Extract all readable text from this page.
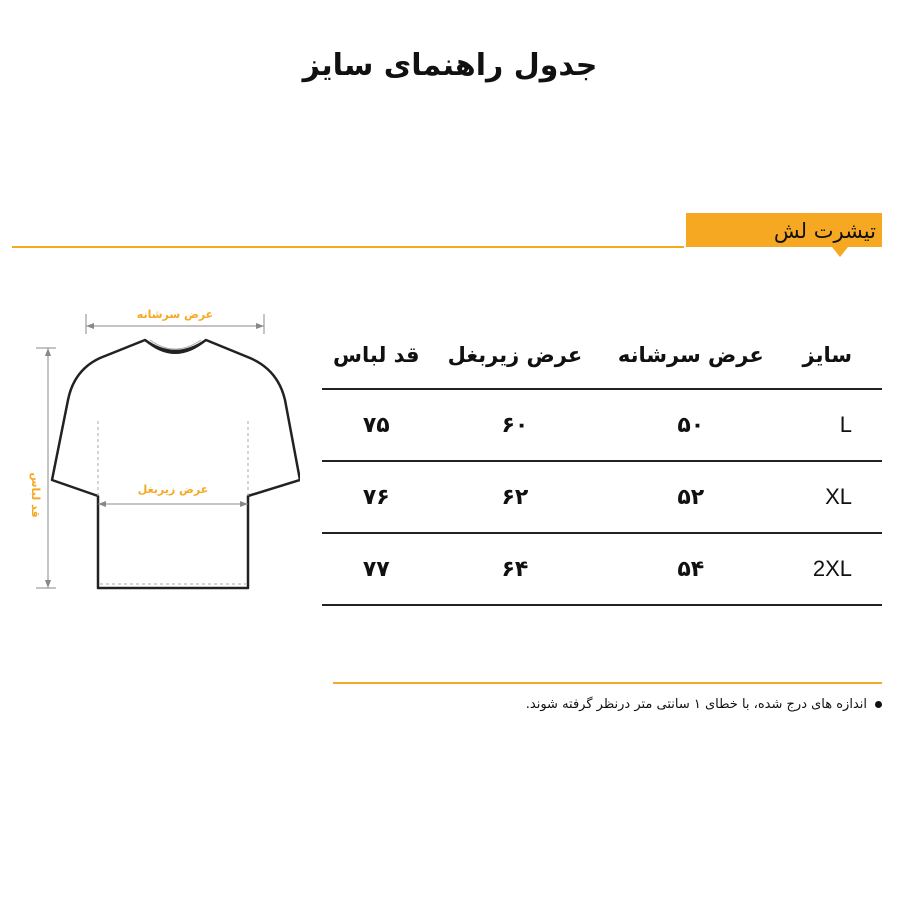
جدول راهنمای سایز
تیشرت لش
عرض سرشانه
قد لباس	عرض زیربغل
سایز	عرض سرشانه	عرض زیربغل	قد لباس
L	۵۰	۶۰	۷۵
XL	۵۲	۶۲	۷۶
2XL	۵۴	۶۴	۷۷
اندازه های درج شده، با خطای ۱ سانتی متر درنظر گرفته شوند.
